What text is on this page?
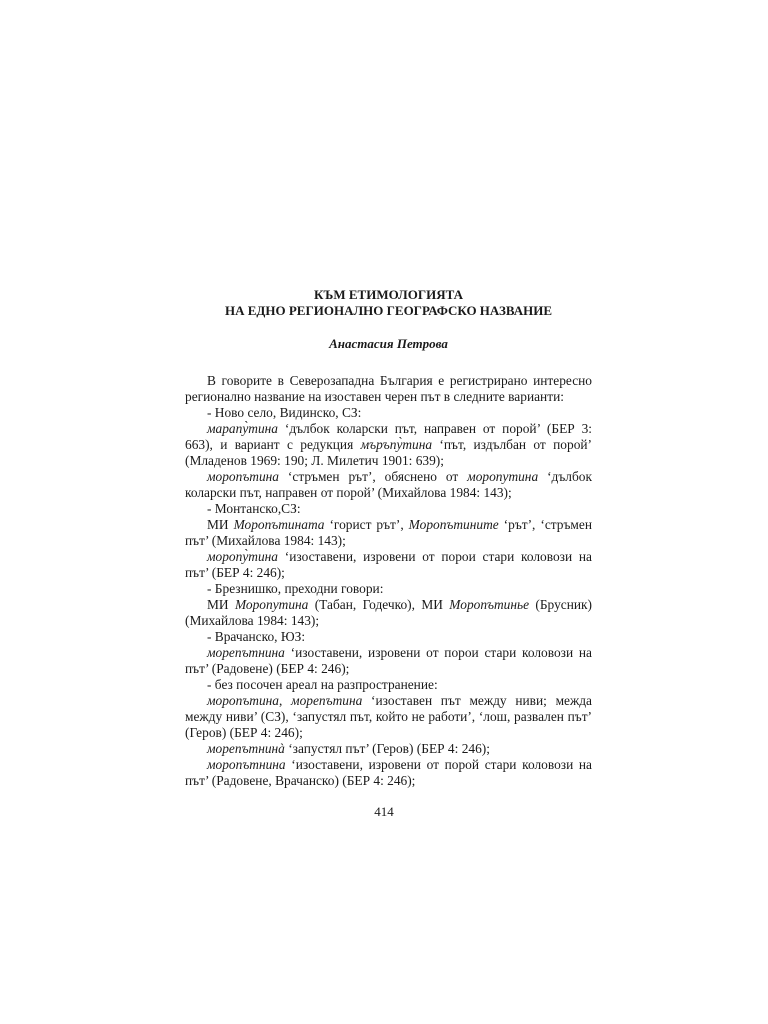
КЪМ ЕТИМОЛОГИЯТА
НА ЕДНО РЕГИОНАЛНО ГЕОГРАФСКО НАЗВАНИЕ

Анастасия Петрова

В говорите в Северозападна България е регистрирано интересно регионално название на изоставен черен път в следните варианти:

- Ново село, Видинско, СЗ:

марапу̀тина ‘дълбок коларски път, направен от порой’ (БЕР 3: 663), и вариант с редукция мъръпу̀тина ‘път, издълбан от порой’ (Младенов 1969: 190; Л. Милетич 1901: 639);

моропътина ‘стръмен рът’, обяснено от моропутина ‘дълбок коларски път, направен от порой’ (Михайлова 1984: 143);

- Монтанско,СЗ:

МИ Моропътината ‘горист рът’, Моропътините ‘рът’, ‘стръмен път’ (Михайлова 1984: 143);

моропу̀тина ‘изоставени, изровени от порои стари коловози на път’ (БЕР 4: 246);

- Брезнишко, преходни говори:

МИ Моропутина (Табан, Годечко), МИ Моропътинье (Брусник) (Михайлова 1984: 143);

- Врачанско, ЮЗ:

морепътнина ‘изоставени, изровени от порои стари коловози на път’ (Радовене) (БЕР 4: 246);

- без посочен ареал на разпространение:

моропътина, морепътина ‘изоставен път между ниви; межда между ниви’ (СЗ), ‘запустял път, който не работи’, ‘лош, развален път’ (Геров) (БЕР 4: 246);

морепътнинà ‘запустял път’ (Геров) (БЕР 4: 246);

моропътнина ‘изоставени, изровени от порой стари коловози на път’ (Радовене, Врачанско) (БЕР 4: 246);

414
